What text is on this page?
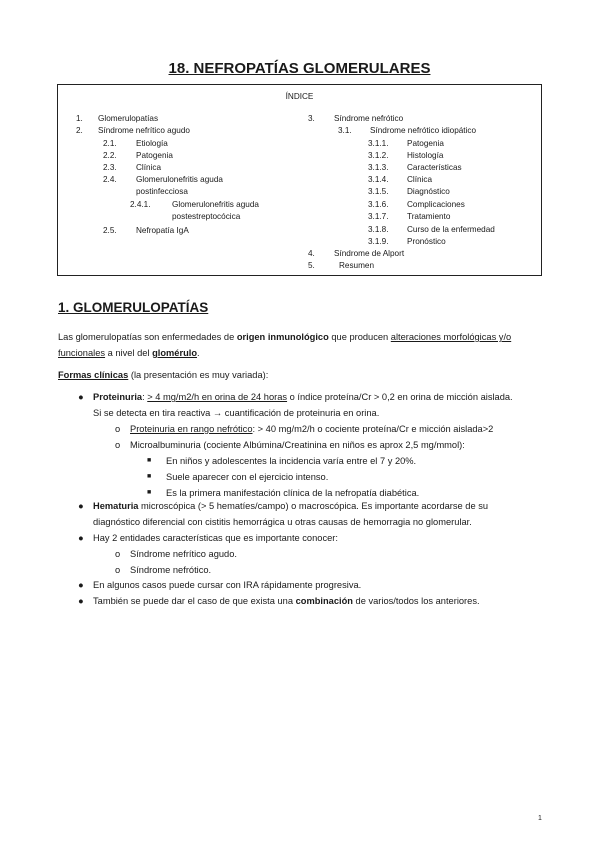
18. NEFROPATÍAS GLOMERULARES
ÍNDICE
1. Glomerulopatías
2. Síndrome nefrítico agudo
2.1. Etiología
2.2. Patogenia
2.3. Clínica
2.4. Glomerulonefritis aguda
postinfecciosa
2.4.1.	Glomerulonefritis aguda
postestreptocócica
2.5. Nefropatía IgA
3. Síndrome nefrótico
3.1. Síndrome nefrótico idiopático
3.1.1. Patogenia
3.1.2. Histología
3.1.3. Características
3.1.4. Clínica
3.1.5. Diagnóstico
3.1.6. Complicaciones
3.1.7. Tratamiento
3.1.8. Curso de la enfermedad
3.1.9. Pronóstico
4. Síndrome de Alport
5.	Resumen
1. GLOMERULOPATÍAS
Las glomerulopatías son enfermedades de origen inmunológico que producen alteraciones morfológicas y/o
funcionales a nivel del glomérulo.
Formas clínicas (la presentación es muy variada):
● Proteinuria: > 4 mg/m2/h en orina de 24 horas o índice proteína/Cr > 0,2 en orina de micción aislada.
Si se detecta en tira reactiva → cuantificación de proteinuria en orina.
o Proteinuria en rango nefrótico: > 40 mg/m2/h o cociente proteína/Cr e micción aislada>2
o Microalbuminuria (cociente Albúmina/Creatinina en niños es aprox 2,5 mg/mmol):
■ En niños y adolescentes la incidencia varía entre el 7 y 20%.
■ Suele aparecer con el ejercicio intenso.
■ Es la primera manifestación clínica de la nefropatía diabética.
● Hematuria microscópica (> 5 hematíes/campo) o macroscópica. Es importante acordarse de su
diagnóstico diferencial con cistitis hemorrágica u otras causas de hemorragia no glomerular.
● Hay 2 entidades características que es importante conocer:
o Síndrome nefrítico agudo.
o Síndrome nefrótico.
● En algunos casos puede cursar con IRA rápidamente progresiva.
● También se puede dar el caso de que exista una combinación de varios/todos los anteriores.
1
